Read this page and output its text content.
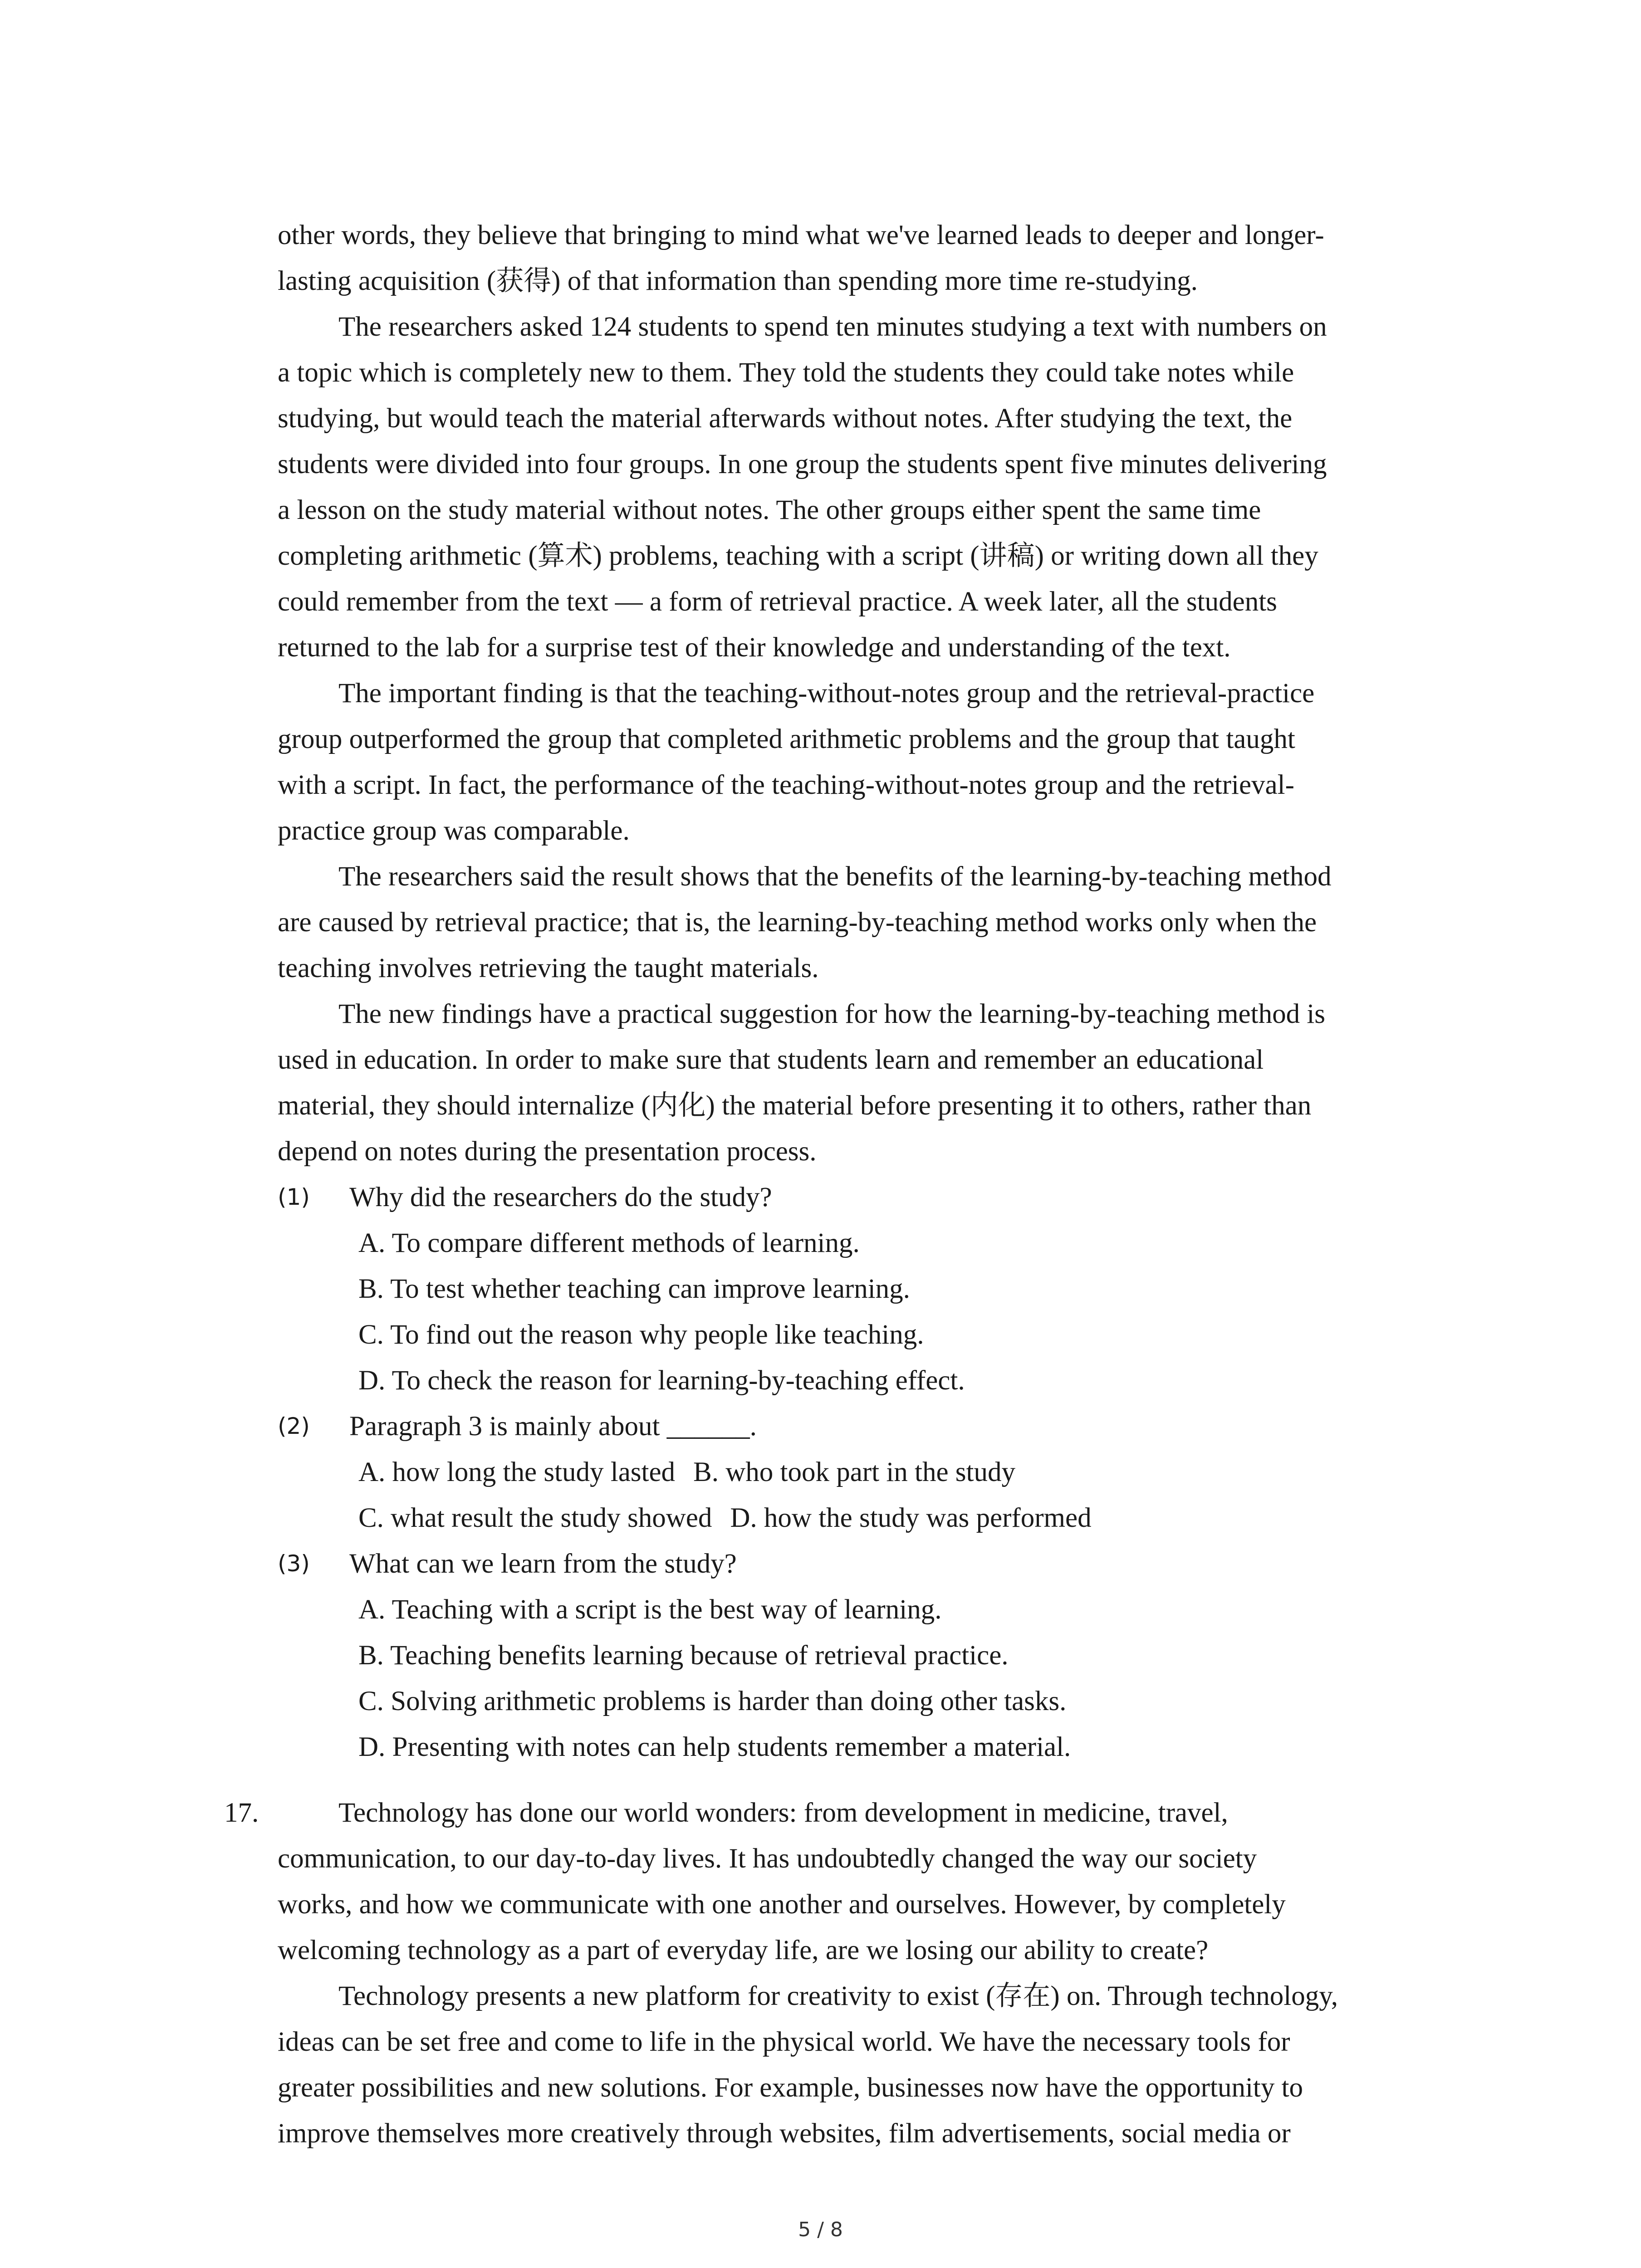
other words, they believe that bringing to mind what we've learned leads to deeper and longer-
lasting acquisition (获得) of that information than spending more time re-studying.
The researchers asked 124 students to spend ten minutes studying a text with numbers on
a topic which is completely new to them. They told the students they could take notes while
studying, but would teach the material afterwards without notes. After studying the text, the
students were divided into four groups. In one group the students spent five minutes delivering
a lesson on the study material without notes. The other groups either spent the same time
completing arithmetic (算术) problems, teaching with a script (讲稿) or writing down all they
could remember from the text — a form of retrieval practice. A week later, all the students
returned to the lab for a surprise test of their knowledge and understanding of the text.
The important finding is that the teaching-without-notes group and the retrieval-practice
group outperformed the group that completed arithmetic problems and the group that taught
with a script. In fact, the performance of the teaching-without-notes group and the retrieval-
practice group was comparable.
The researchers said the result shows that the benefits of the learning-by-teaching method
are caused by retrieval practice; that is, the learning-by-teaching method works only when the
teaching involves retrieving the taught materials.
The new findings have a practical suggestion for how the learning-by-teaching method is
used in education. In order to make sure that students learn and remember an educational
material, they should internalize (内化) the material before presenting it to others, rather than
depend on notes during the presentation process.
(1) Why did the researchers do the study?
A. To compare different methods of learning.
B. To test whether teaching can improve learning.
C. To find out the reason why people like teaching.
D. To check the reason for learning-by-teaching effect.
(2) Paragraph 3 is mainly about ______.
A. how long the study lasted B. who took part in the study
C. what result the study showed D. how the study was performed
(3) What can we learn from the study?
A. Teaching with a script is the best way of learning.
B. Teaching benefits learning because of retrieval practice.
C. Solving arithmetic problems is harder than doing other tasks.
D. Presenting with notes can help students remember a material.
17.	Technology has done our world wonders: from development in medicine, travel,
communication, to our day-to-day lives. It has undoubtedly changed the way our society
works, and how we communicate with one another and ourselves. However, by completely
welcoming technology as a part of everyday life, are we losing our ability to create?
Technology presents a new platform for creativity to exist (存在) on. Through technology,
ideas can be set free and come to life in the physical world. We have the necessary tools for
greater possibilities and new solutions. For example, businesses now have the opportunity to
improve themselves more creatively through websites, film advertisements, social media or
5 / 8
